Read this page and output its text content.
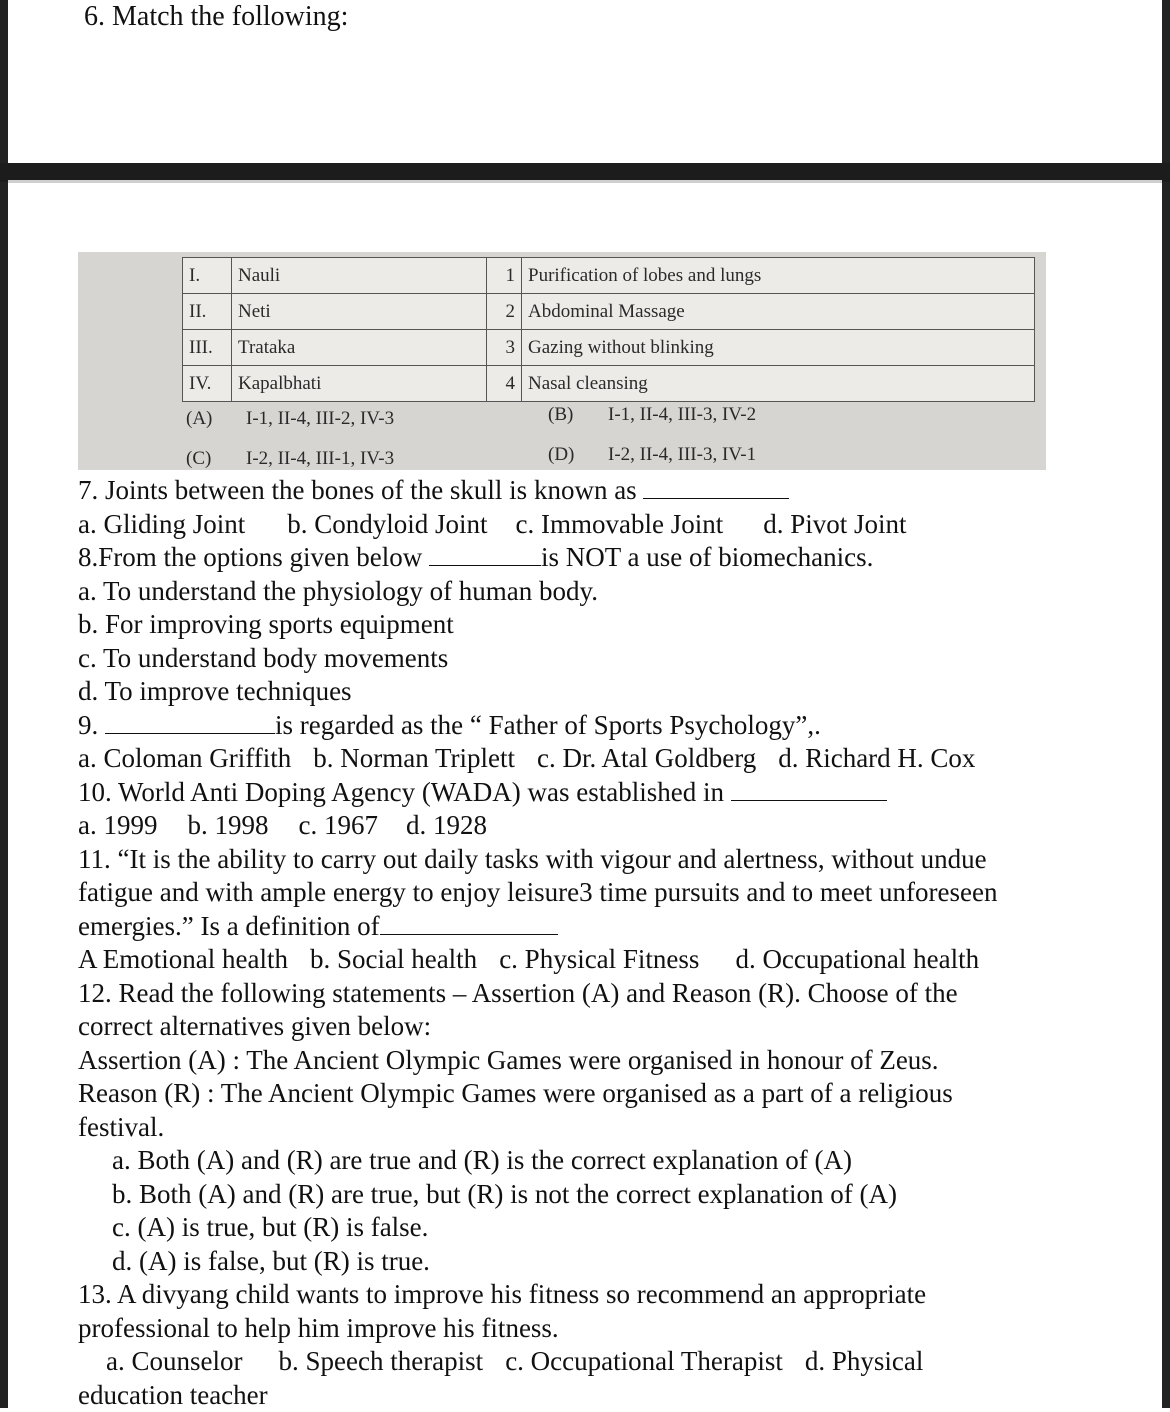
6. Match the following:
I.	Nauli	1	Purification of lobes and lungs
II.	Neti	2	Abdominal Massage
III.	Trataka	3	Gazing without blinking
IV.	Kapalbhati	4	Nasal cleansing
(A) I-1, II-4, III-2, IV-3	(B) I-1, II-4, III-3, IV-2
(C) I-2, II-4, III-1, IV-3	(D) I-2, II-4, III-3, IV-1

7. Joints between the bones of the skull is known as

a. Gliding Joint b. Condyloid Joint c. Immovable Joint d. Pivot Joint

8.From the options given below	is NOT a use of biomechanics.

a. To understand the physiology of human body.

b. For improving sports equipment

c. To understand body movements

d. To improve techniques

9.	is regarded as the “ Father of Sports Psychology”,.

a. Coloman Griffith b. Norman Triplett c. Dr. Atal Goldberg d. Richard H. Cox

10. World Anti Doping Agency (WADA) was established in

a. 1999 b. 1998 c. 1967 d. 1928

11. “It is the ability to carry out daily tasks with vigour and alertness, without undue

fatigue and with ample energy to enjoy leisure3 time pursuits and to meet unforeseen

emergies.” Is a definition of

A Emotional health b. Social health c. Physical Fitness d. Occupational health

12. Read the following statements – Assertion (A) and Reason (R). Choose of the

correct alternatives given below:

Assertion (A) : The Ancient Olympic Games were organised in honour of Zeus.

Reason (R) : The Ancient Olympic Games were organised as a part of a religious

festival.

a. Both (A) and (R) are true and (R) is the correct explanation of (A)

b. Both (A) and (R) are true, but (R) is not the correct explanation of (A)

c. (A) is true, but (R) is false.

d. (A) is false, but (R) is true.

13. A divyang child wants to improve his fitness so recommend an appropriate

professional to help him improve his fitness.

a. Counselor b. Speech therapist c. Occupational Therapist d. Physical

education teacher
